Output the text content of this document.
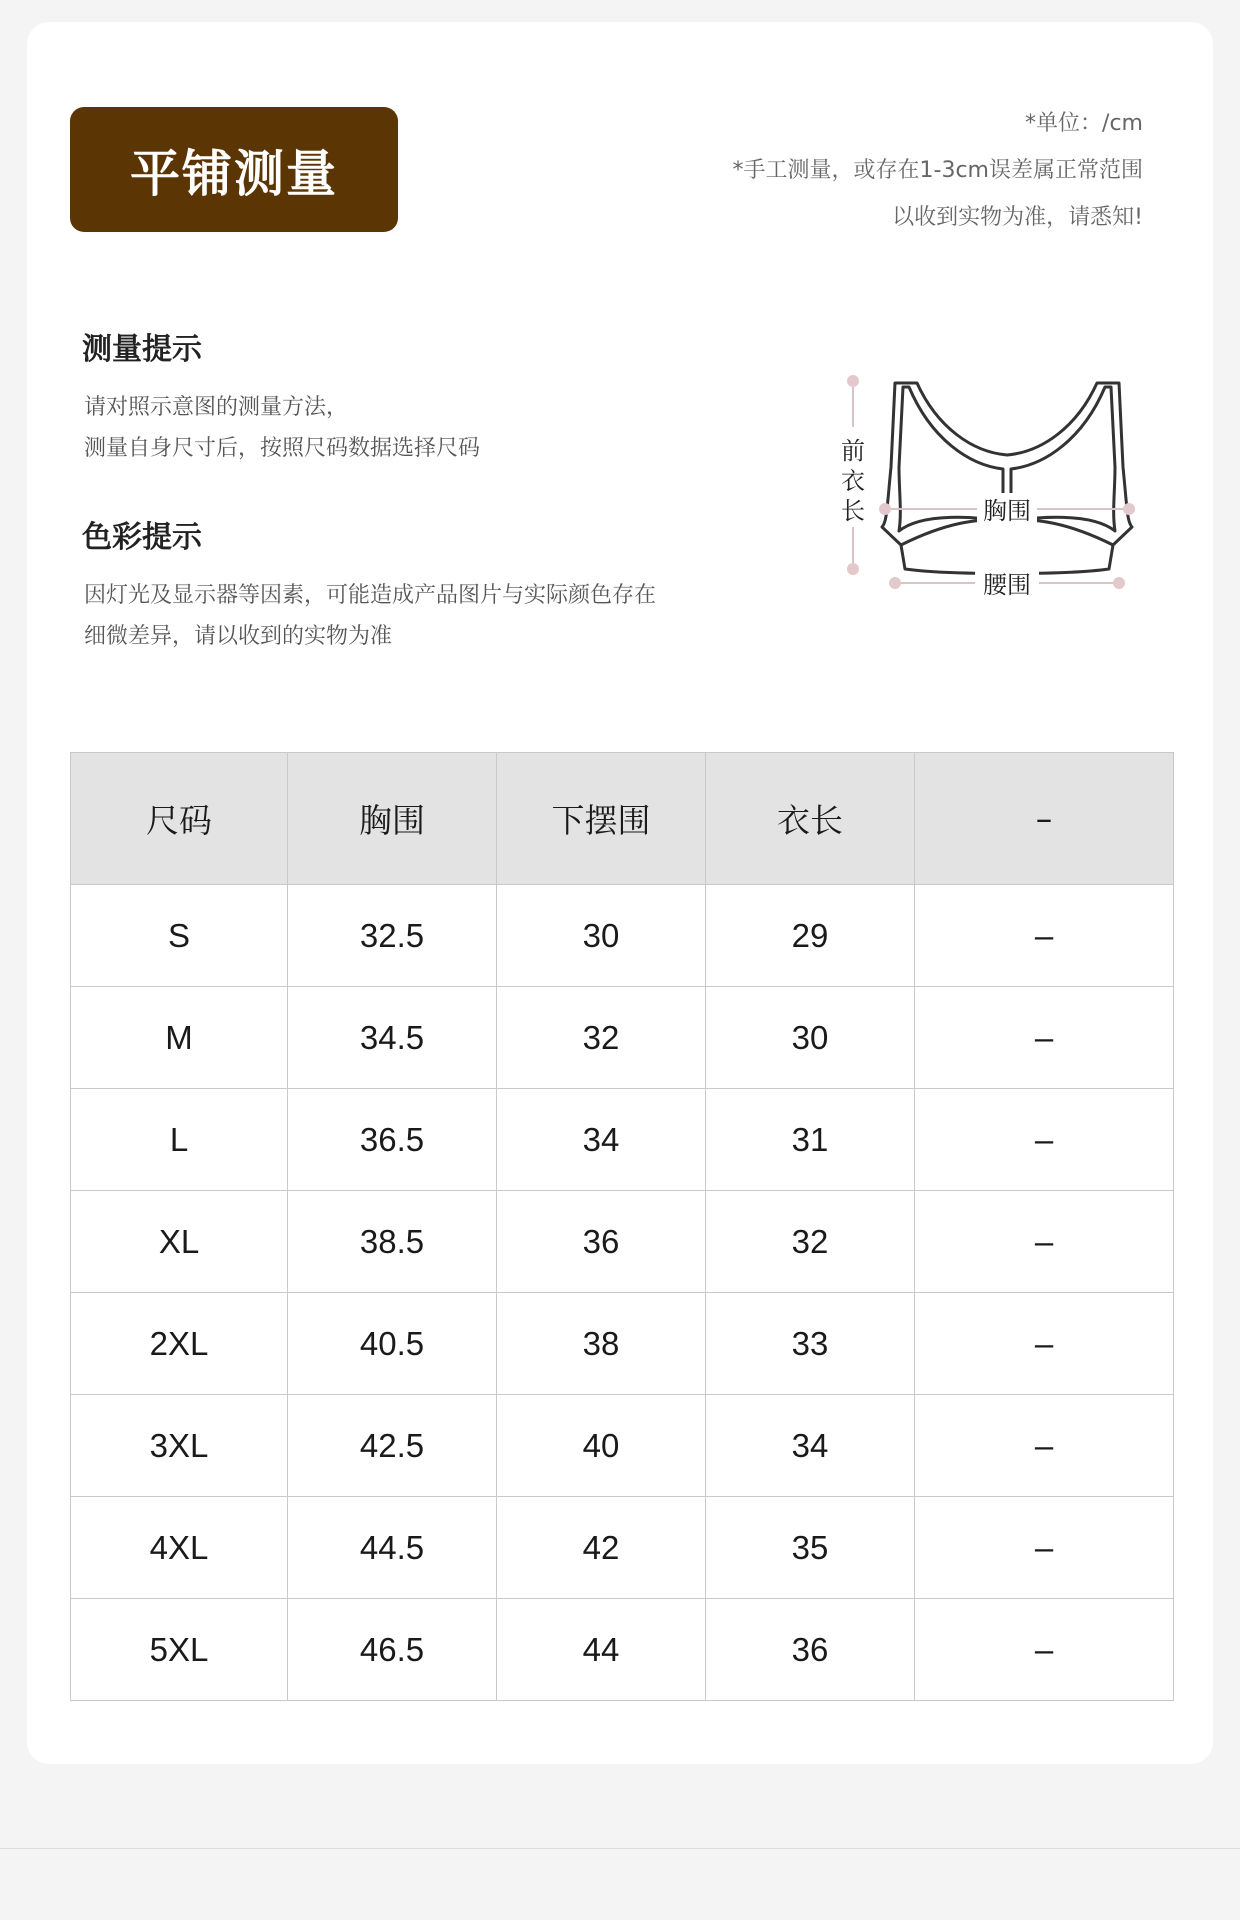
平铺测量
*单位：/cm
*手工测量，或存在1-3cm误差属正常范围
以收到实物为准，请悉知!
测量提示
请对照示意图的测量方法，
测量自身尺寸后，按照尺码数据选择尺码
色彩提示
因灯光及显示器等因素，可能造成产品图片与实际颜色存在
细微差异，请以收到的实物为准
前
衣
长	胸围
腰围
尺码	胸围	下摆围	衣长	–
S	32.5	30	29	–
M	34.5	32	30	–
L	36.5	34	31	–
XL	38.5	36	32	–
2XL	40.5	38	33	–
3XL	42.5	40	34	–
4XL	44.5	42	35	–
5XL	46.5	44	36	–
